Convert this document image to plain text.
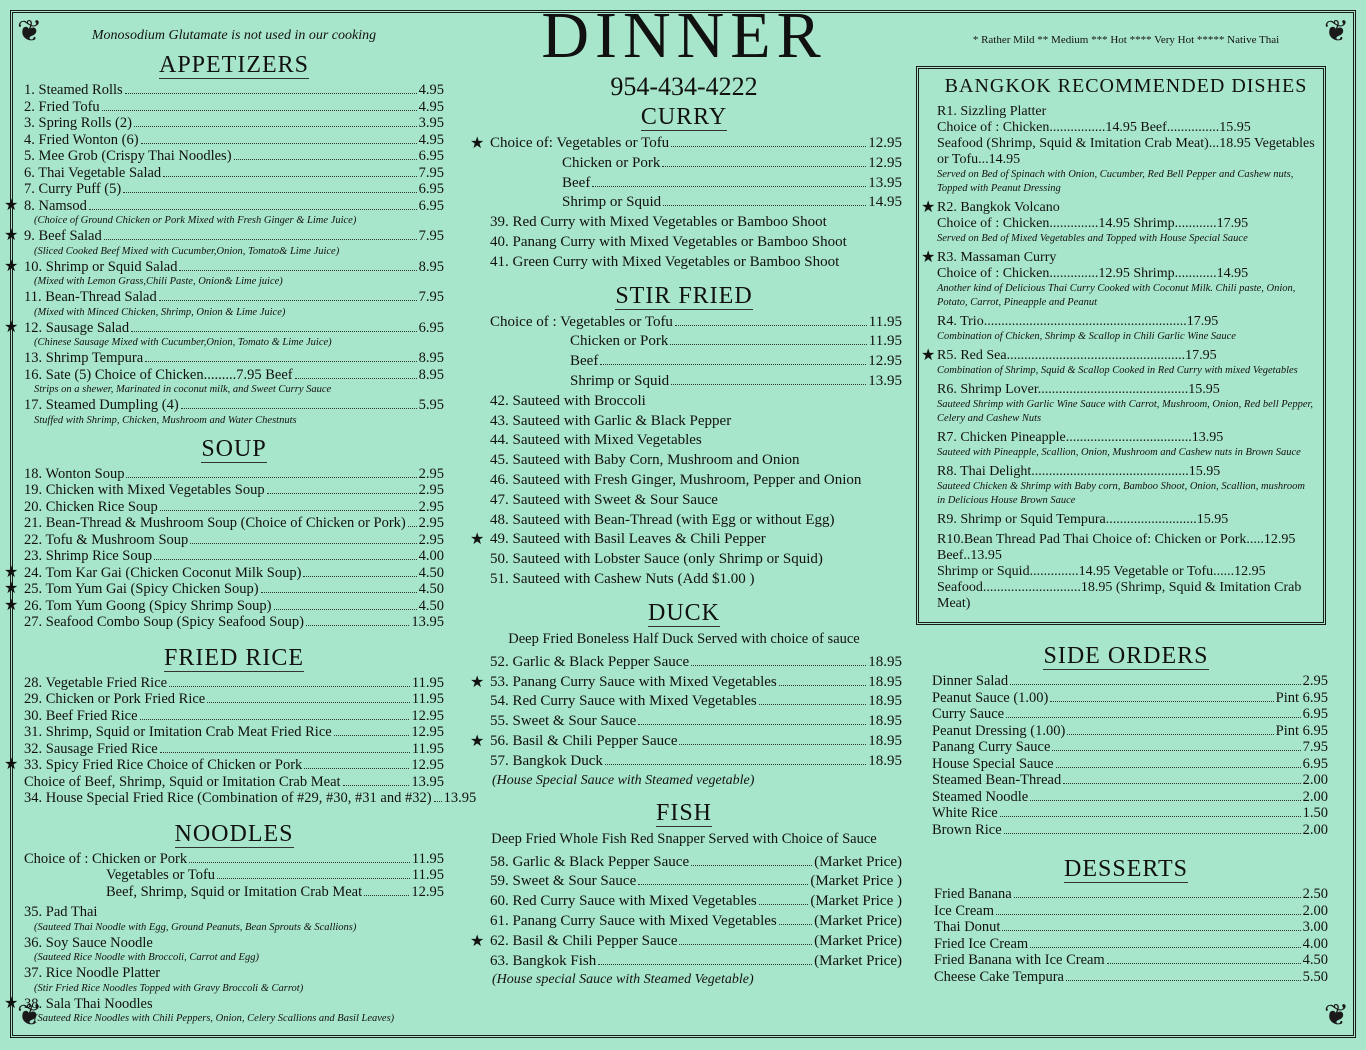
❦	❦
❦	❦
Monosodium Glutamate is not used in our cooking
APPETIZERS
1. Steamed Rolls	4.95
2. Fried Tofu	4.95
3. Spring Rolls (2)	3.95
4. Fried Wonton (6)	4.95
5. Mee Grob (Crispy Thai Noodles)	6.95
6. Thai Vegetable Salad	7.95
7. Curry Puff (5)	6.95
★ 8. Namsod	6.95
(Choice of Ground Chicken or Pork Mixed with Fresh Ginger & Lime Juice)
★ 9. Beef Salad	7.95
(Sliced Cooked Beef Mixed with Cucumber,Onion, Tomato& Lime Juice)
★ 10. Shrimp or Squid Salad	8.95
(Mixed with Lemon Grass,Chili Paste, Onion& Lime juice)
11. Bean-Thread Salad	7.95
(Mixed with Minced Chicken, Shrimp, Onion & Lime Juice)
★ 12. Sausage Salad	6.95
(Chinese Sausage Mixed with Cucumber,Onion, Tomato & Lime Juice)
13. Shrimp Tempura	8.95
16. Sate (5) Choice of Chicken.........7.95 Beef	8.95
Strips on a shewer, Marinated in coconut milk, and Sweet Curry Sauce
17. Steamed Dumpling (4)	5.95
Stuffed with Shrimp, Chicken, Mushroom and Water Chestnuts
SOUP
18. Wonton Soup	2.95
19. Chicken with Mixed Vegetables Soup	2.95
20. Chicken Rice Soup	2.95
21. Bean-Thread & Mushroom Soup (Choice of Chicken or Pork) 2.95
22. Tofu & Mushroom Soup	2.95
23. Shrimp Rice Soup	4.00
★ 24. Tom Kar Gai (Chicken Coconut Milk Soup)	4.50
★ 25. Tom Yum Gai (Spicy Chicken Soup)	4.50
★ 26. Tom Yum Goong (Spicy Shrimp Soup)	4.50
27. Seafood Combo Soup (Spicy Seafood Soup)	13.95
FRIED RICE
28. Vegetable Fried Rice	11.95
29. Chicken or Pork Fried Rice	11.95
30. Beef Fried Rice	12.95
31. Shrimp, Squid or Imitation Crab Meat Fried Rice	12.95
32. Sausage Fried Rice	11.95
★ 33. Spicy Fried Rice Choice of Chicken or Pork	12.95
Choice of Beef, Shrimp, Squid or Imitation Crab Meat	13.95
34. House Special Fried Rice (Combination of #29, #30, #31 and #32) 13.95
NOODLES
Choice of : Chicken or Pork	11.95
Vegetables or Tofu	11.95
Beef, Shrimp, Squid or Imitation Crab Meat	12.95
35. Pad Thai
(Sauteed Thai Noodle with Egg, Ground Peanuts, Bean Sprouts & Scallions)
36. Soy Sauce Noodle
(Sauteed Rice Noodle with Broccoli, Carrot and Egg)
37. Rice Noodle Platter
(Stir Fried Rice Noodles Topped with Gravy Broccoli & Carrot)
★ 38. Sala Thai Noodles
(Sauteed Rice Noodles with Chili Peppers, Onion, Celery Scallions and Basil Leaves)
DINNER
954-434-4222
CURRY
★ Choice of: Vegetables or Tofu	12.95
Chicken or Pork	12.95
Beef	13.95
Shrimp or Squid	14.95
39. Red Curry with Mixed Vegetables or Bamboo Shoot
40. Panang Curry with Mixed Vegetables or Bamboo Shoot
41. Green Curry with Mixed Vegetables or Bamboo Shoot
STIR FRIED
Choice of : Vegetables or Tofu	11.95
Chicken or Pork	11.95
Beef	12.95
Shrimp or Squid	13.95
42. Sauteed with Broccoli
43. Sauteed with Garlic & Black Pepper
44. Sauteed with Mixed Vegetables
45. Sauteed with Baby Corn, Mushroom and Onion
46. Sauteed with Fresh Ginger, Mushroom, Pepper and Onion
47. Sauteed with Sweet & Sour Sauce
48. Sauteed with Bean-Thread (with Egg or without Egg)
★ 49. Sauteed with Basil Leaves & Chili Pepper
50. Sauteed with Lobster Sauce (only Shrimp or Squid)
51. Sauteed with Cashew Nuts (Add $1.00 )
DUCK
Deep Fried Boneless Half Duck Served with choice of sauce
52. Garlic & Black Pepper Sauce	18.95
★ 53. Panang Curry Sauce with Mixed Vegetables	18.95
54. Red Curry Sauce with Mixed Vegetables	18.95
55. Sweet & Sour Sauce	18.95
★ 56. Basil & Chili Pepper Sauce	18.95
57. Bangkok Duck	18.95
(House Special Sauce with Steamed vegetable)
FISH
Deep Fried Whole Fish Red Snapper Served with Choice of Sauce
58. Garlic & Black Pepper Sauce	(Market Price)
59. Sweet & Sour Sauce	(Market Price )
60. Red Curry Sauce with Mixed Vegetables	(Market Price )
61. Panang Curry Sauce with Mixed Vegetables (Market Price)
★ 62. Basil & Chili Pepper Sauce	(Market Price)
63. Bangkok Fish	(Market Price)
(House special Sauce with Steamed Vegetable)
* Rather Mild ** Medium *** Hot **** Very Hot ***** Native Thai
BANGKOK RECOMMENDED DISHES
R1. Sizzling Platter
Choice of : Chicken................14.95 Beef...............15.95
Seafood (Shrimp, Squid & Imitation Crab Meat)...18.95 Vegetables or Tofu...14.95
Served on Bed of Spinach with Onion, Cucumber, Red Bell Pepper and Cashew nuts, Topped with Peanut Dressing
★ R2. Bangkok Volcano
Choice of : Chicken..............14.95 Shrimp............17.95
Served on Bed of Mixed Vegetables and Topped with House Special Sauce
★ R3. Massaman Curry
Choice of : Chicken..............12.95 Shrimp............14.95
Another kind of Delicious Thai Curry Cooked with Coconut Milk. Chili paste, Onion, Potato, Carrot, Pineapple and Peanut
R4. Trio..........................................................17.95
Combination of Chicken, Shrimp & Scallop in Chili Garlic Wine Sauce
★ R5. Red Sea...................................................17.95
Combination of Shrimp, Squid & Scallop Cooked in Red Curry with mixed Vegetables
R6. Shrimp Lover...........................................15.95
Sauteed Shrimp with Garlic Wine Sauce with Carrot, Mushroom, Onion, Red bell Pepper, Celery and Cashew Nuts
R7. Chicken Pineapple....................................13.95
Sauteed with Pineapple, Scallion, Onion, Mushroom and Cashew nuts in Brown Sauce
R8. Thai Delight.............................................15.95
Sauteed Chicken & Shrimp with Baby corn, Bamboo Shoot, Onion, Scallion, mushroom in Delicious House Brown Sauce
R9. Shrimp or Squid Tempura..........................15.95
R10.Bean Thread Pad Thai Choice of: Chicken or Pork.....12.95 Beef..13.95
Shrimp or Squid..............14.95 Vegetable or Tofu......12.95
Seafood............................18.95 (Shrimp, Squid & Imitation Crab Meat)
SIDE ORDERS
Dinner Salad	2.95
Peanut Sauce (1.00)	Pint 6.95
Curry Sauce	6.95
Peanut Dressing (1.00)	Pint 6.95
Panang Curry Sauce	7.95
House Special Sauce	6.95
Steamed Bean-Thread	2.00
Steamed Noodle	2.00
White Rice	1.50
Brown Rice	2.00
DESSERTS
Fried Banana	2.50
Ice Cream	2.00
Thai Donut	3.00
Fried Ice Cream	4.00
Fried Banana with Ice Cream	4.50
Cheese Cake Tempura	5.50
